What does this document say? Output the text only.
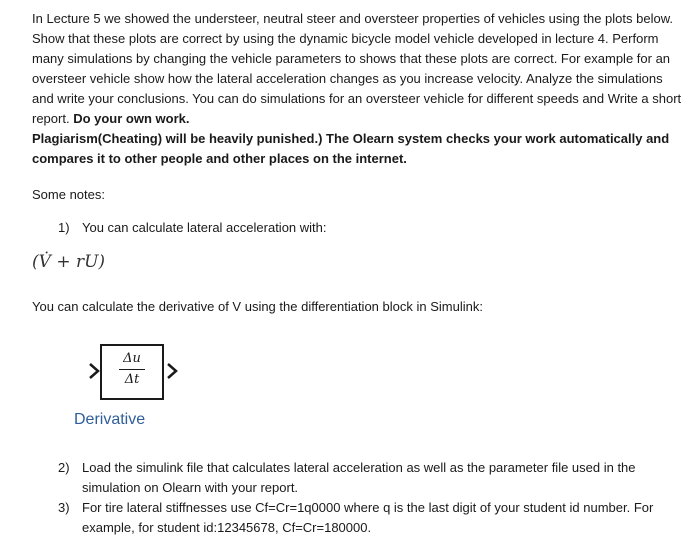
In Lecture 5 we showed the understeer, neutral steer and oversteer properties of vehicles using the plots below. Show that these plots are correct by using the dynamic bicycle model vehicle developed in lecture 4. Perform many simulations by changing the vehicle parameters to shows that these plots are correct. For example for an oversteer vehicle show how the lateral acceleration changes as you increase velocity. Analyze the simulations and write your conclusions. You can do simulations for an oversteer vehicle for different speeds and Write a short report. Do your own work.
Plagiarism(Cheating) will be heavily punished.) The Olearn system checks your work automatically and compares it to other people and other places on the internet.

Some notes:

1) You can calculate lateral acceleration with:

(V̇ + rU)

You can calculate the derivative of V using the differentiation block in Simulink:

Δu
Δt
Derivative
2) Load the simulink file that calculates lateral acceleration as well as the parameter file used in the simulation on Olearn with your report.
3) For tire lateral stiffnesses use Cf=Cr=1q0000 where q is the last digit of your student id number. For example, for student id:12345678, Cf=Cr=180000.
